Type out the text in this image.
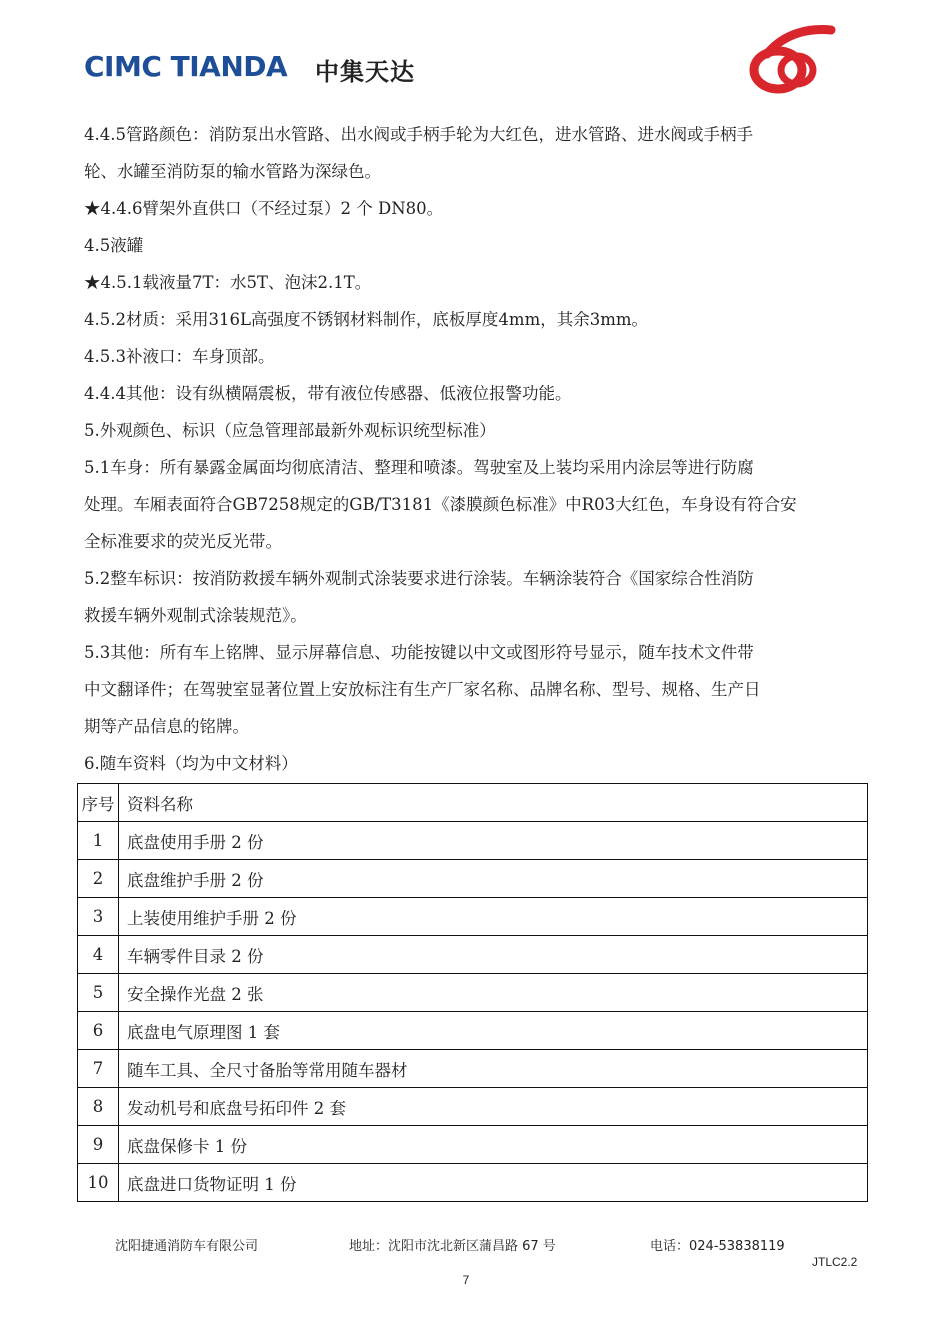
CIMC TIANDA 中集天达

4.4.5管路颜色：消防泵出水管路、出水阀或手柄手轮为大红色，进水管路、进水阀或手柄手

轮、水罐至消防泵的输水管路为深绿色。

★4.4.6臂架外直供口（不经过泵）2 个 DN80。

4.5液罐

★4.5.1载液量7T：水5T、泡沫2.1T。

4.5.2材质：采用316L高强度不锈钢材料制作，底板厚度4mm，其余3mm。

4.5.3补液口：车身顶部。

4.4.4其他：设有纵横隔震板，带有液位传感器、低液位报警功能。

5.外观颜色、标识（应急管理部最新外观标识统型标准）

5.1车身：所有暴露金属面均彻底清洁、整理和喷漆。驾驶室及上装均采用内涂层等进行防腐

处理。车厢表面符合GB7258规定的GB/T3181《漆膜颜色标准》中R03大红色，车身设有符合安

全标准要求的荧光反光带。

5.2整车标识：按消防救援车辆外观制式涂装要求进行涂装。车辆涂装符合《国家综合性消防

救援车辆外观制式涂装规范》。

5.3其他：所有车上铭牌、显示屏幕信息、功能按键以中文或图形符号显示，随车技术文件带

中文翻译件；在驾驶室显著位置上安放标注有生产厂家名称、品牌名称、型号、规格、生产日

期等产品信息的铭牌。

6.随车资料（均为中文材料）

序号	资料名称
1	底盘使用手册 2 份
2	底盘维护手册 2 份
3	上装使用维护手册 2 份
4	车辆零件目录 2 份
5	安全操作光盘 2 张
6	底盘电气原理图 1 套
7	随车工具、全尺寸备胎等常用随车器材
8	发动机号和底盘号拓印件 2 套
9	底盘保修卡 1 份
10	底盘进口货物证明 1 份
沈阳捷通消防车有限公司	地址：沈阳市沈北新区蒲昌路 67 号	电话：024-53838119
JTLC2.2
7
